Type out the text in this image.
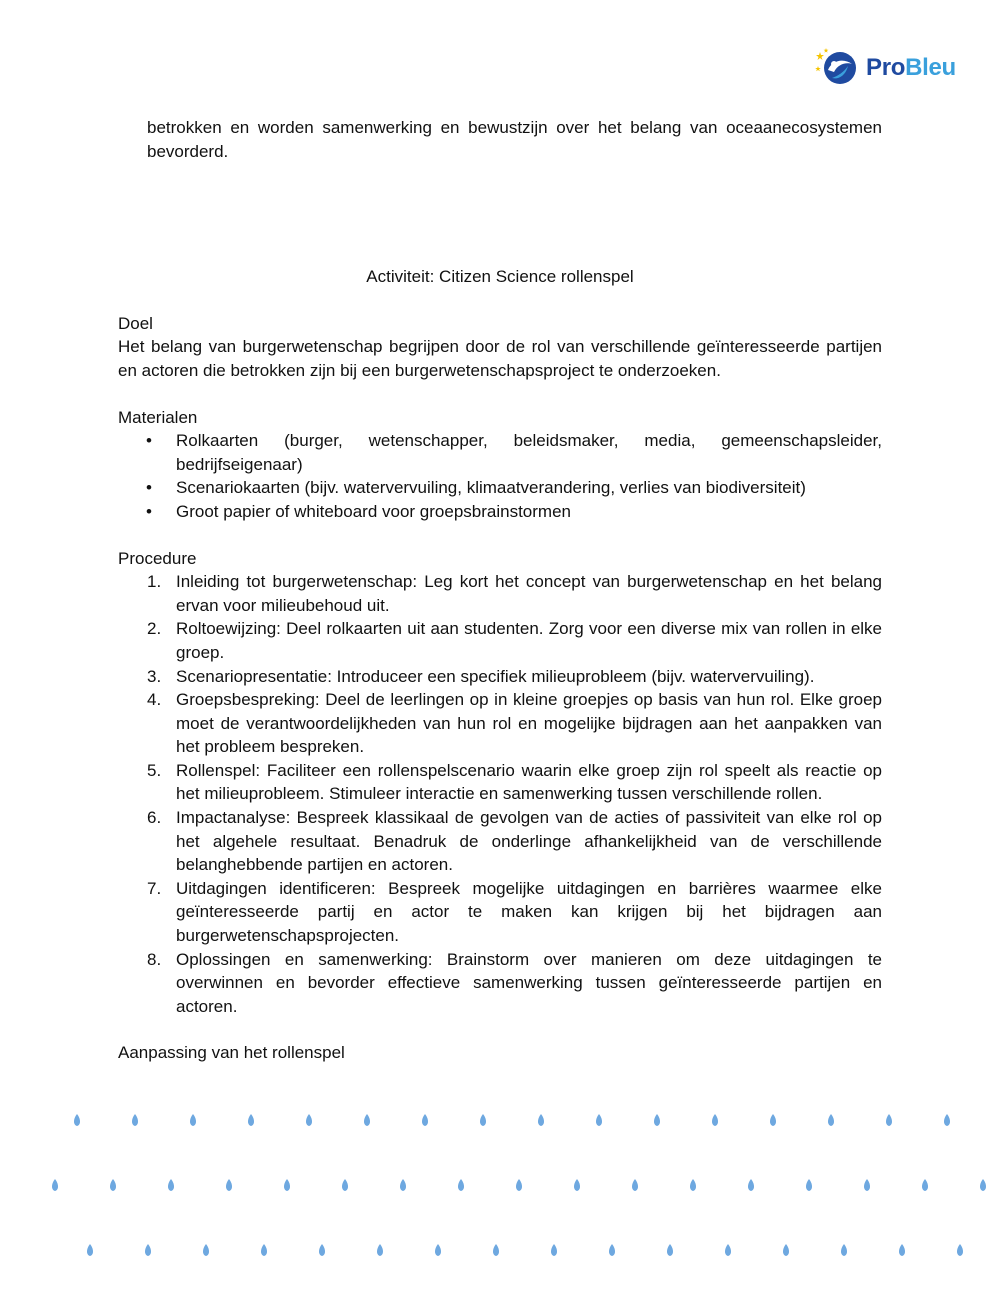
ProBleu
betrokken en worden samenwerking en bewustzijn over het belang van oceaanecosystemen bevorderd.
Activiteit: Citizen Science rollenspel
Doel
Het belang van burgerwetenschap begrijpen door de rol van verschillende geïnteresseerde partijen en actoren die betrokken zijn bij een burgerwetenschapsproject te onderzoeken.
Materialen
• Rolkaarten (burger, wetenschapper, beleidsmaker, media, gemeenschapsleider, bedrijfseigenaar)
• Scenariokaarten (bijv. watervervuiling, klimaatverandering, verlies van biodiversiteit)
• Groot papier of whiteboard voor groepsbrainstormen
Procedure
1. Inleiding tot burgerwetenschap: Leg kort het concept van burgerwetenschap en het belang ervan voor milieubehoud uit.
2. Roltoewijzing: Deel rolkaarten uit aan studenten. Zorg voor een diverse mix van rollen in elke groep.
3. Scenariopresentatie: Introduceer een specifiek milieuprobleem (bijv. watervervuiling).
4. Groepsbespreking: Deel de leerlingen op in kleine groepjes op basis van hun rol. Elke groep moet de verantwoordelijkheden van hun rol en mogelijke bijdragen aan het aanpakken van het probleem bespreken.
5. Rollenspel: Faciliteer een rollenspelscenario waarin elke groep zijn rol speelt als reactie op het milieuprobleem. Stimuleer interactie en samenwerking tussen verschillende rollen.
6. Impactanalyse: Bespreek klassikaal de gevolgen van de acties of passiviteit van elke rol op het algehele resultaat. Benadruk de onderlinge afhankelijkheid van de verschillende belanghebbende partijen en actoren.
7. Uitdagingen identificeren: Bespreek mogelijke uitdagingen en barrières waarmee elke geïnteresseerde partij en actor te maken kan krijgen bij het bijdragen aan burgerwetenschapsprojecten.
8. Oplossingen en samenwerking: Brainstorm over manieren om deze uitdagingen te overwinnen en bevorder effectieve samenwerking tussen geïnteresseerde partijen en actoren.
Aanpassing van het rollenspel
